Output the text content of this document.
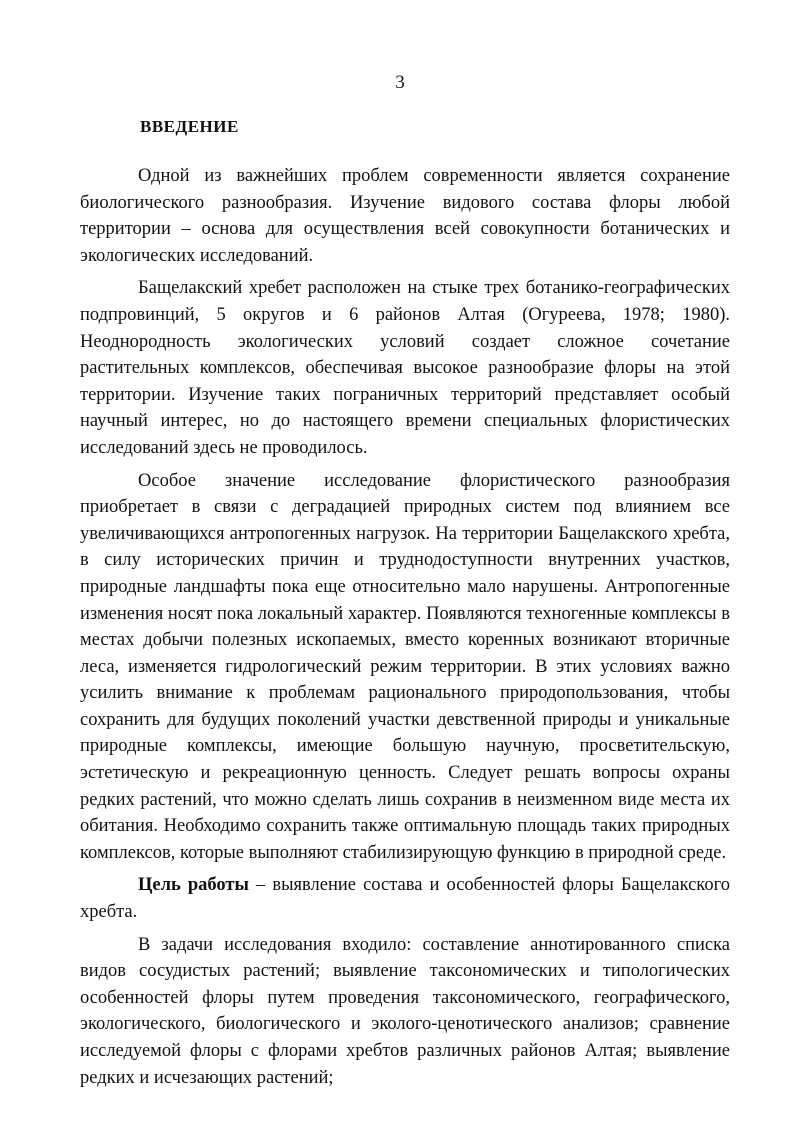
3
ВВЕДЕНИЕ

Одной из важнейших проблем современности является сохранение биологического разнообразия. Изучение видового состава флоры любой территории – основа для осуществления всей совокупности ботанических и экологических исследований.

Бащелакский хребет расположен на стыке трех ботанико-географических подпровинций, 5 округов и 6 районов Алтая (Огуреева, 1978; 1980). Неоднородность экологических условий создает сложное сочетание растительных комплексов, обеспечивая высокое разнообразие флоры на этой территории. Изучение таких пограничных территорий представляет особый научный интерес, но до настоящего времени специальных флористических исследований здесь не проводилось.

Особое значение исследование флористического разнообразия приобретает в связи с деградацией природных систем под влиянием все увеличивающихся антропогенных нагрузок. На территории Бащелакского хребта, в силу исторических причин и труднодоступности внутренних участков, природные ландшафты пока еще относительно мало нарушены. Антропогенные изменения носят пока локальный характер. Появляются техногенные комплексы в местах добычи полезных ископаемых, вместо коренных возникают вторичные леса, изменяется гидрологический режим территории. В этих условиях важно усилить внимание к проблемам рационального природопользования, чтобы сохранить для будущих поколений участки девственной природы и уникальные природные комплексы, имеющие большую научную, просветительскую, эстетическую и рекреационную ценность. Следует решать вопросы охраны редких растений, что можно сделать лишь сохранив в неизменном виде места их обитания. Необходимо сохранить также оптимальную площадь таких природных комплексов, которые выполняют стабилизирующую функцию в природной среде.

Цель работы – выявление состава и особенностей флоры Бащелакского хребта.

В задачи исследования входило: составление аннотированного списка видов сосудистых растений; выявление таксономических и типологических особенностей флоры путем проведения таксономического, географического, экологического, биологического и эколого-ценотического анализов; сравнение исследуемой флоры с флорами хребтов различных районов Алтая; выявление редких и исчезающих растений;
